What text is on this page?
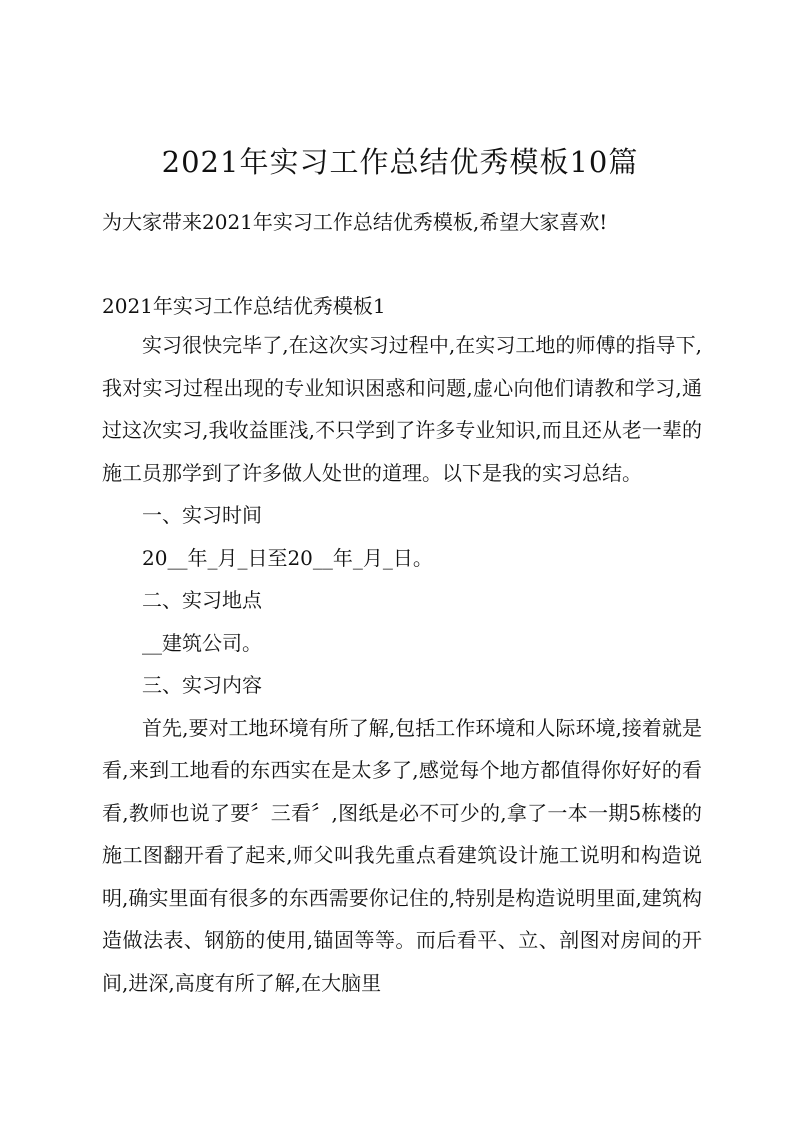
2021年实习工作总结优秀模板10篇
为大家带来2021年实习工作总结优秀模板,希望大家喜欢!
2021年实习工作总结优秀模板1

实习很快完毕了,在这次实习过程中,在实习工地的师傅的指导下,我对实习过程出现的专业知识困惑和问题,虚心向他们请教和学习,通过这次实习,我收益匪浅,不只学到了许多专业知识,而且还从老一辈的施工员那学到了许多做人处世的道理。以下是我的实习总结。

一、实习时间

20__年_月_日至20__年_月_日。

二、实习地点

__建筑公司。

三、实习内容

首先,要对工地环境有所了解,包括工作环境和人际环境,接着就是看,来到工地看的东西实在是太多了,感觉每个地方都值得你好好的看看,教师也说了要〞三看〞,图纸是必不可少的,拿了一本一期5栋楼的施工图翻开看了起来,师父叫我先重点看建筑设计施工说明和构造说明,确实里面有很多的东西需要你记住的,特别是构造说明里面,建筑构造做法表、钢筋的使用,锚固等等。而后看平、立、剖图对房间的开间,进深,高度有所了解,在大脑里
